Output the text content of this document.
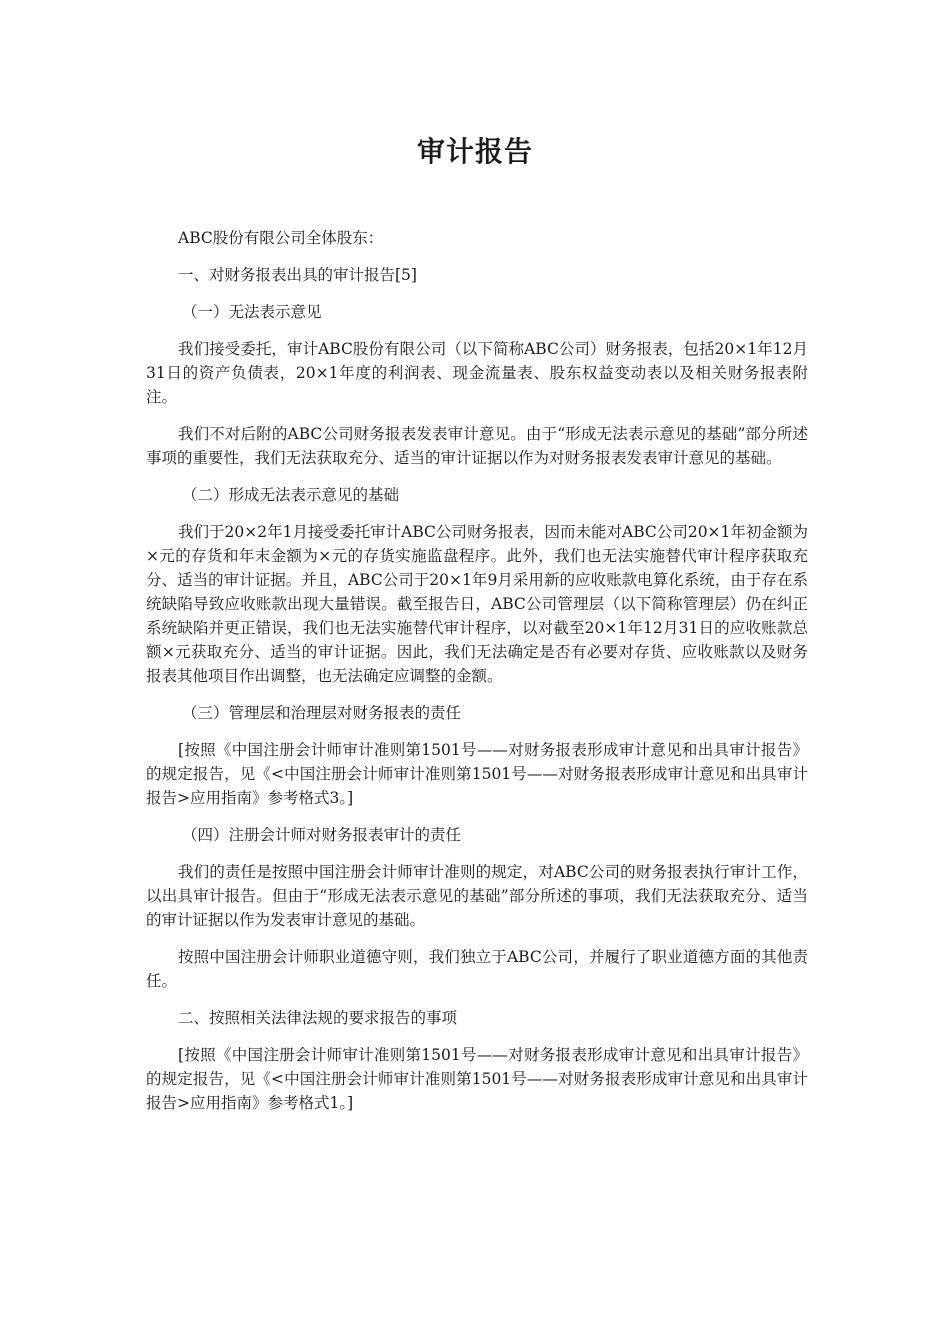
审计报告

ABC股份有限公司全体股东：

一、对财务报表出具的审计报告[5]

（一）无法表示意见

我们接受委托，审计ABC股份有限公司（以下简称ABC公司）财务报表，包括20×1年12月31日的资产负债表，20×1年度的利润表、现金流量表、股东权益变动表以及相关财务报表附注。

我们不对后附的ABC公司财务报表发表审计意见。由于“形成无法表示意见的基础”部分所述事项的重要性，我们无法获取充分、适当的审计证据以作为对财务报表发表审计意见的基础。

（二）形成无法表示意见的基础

我们于20×2年1月接受委托审计ABC公司财务报表，因而未能对ABC公司20×1年初金额为×元的存货和年末金额为×元的存货实施监盘程序。此外，我们也无法实施替代审计程序获取充分、适当的审计证据。并且，ABC公司于20×1年9月采用新的应收账款电算化系统，由于存在系统缺陷导致应收账款出现大量错误。截至报告日，ABC公司管理层（以下简称管理层）仍在纠正系统缺陷并更正错误，我们也无法实施替代审计程序，以对截至20×1年12月31日的应收账款总额×元获取充分、适当的审计证据。因此，我们无法确定是否有必要对存货、应收账款以及财务报表其他项目作出调整，也无法确定应调整的金额。

（三）管理层和治理层对财务报表的责任

[按照《中国注册会计师审计准则第1501号——对财务报表形成审计意见和出具审计报告》的规定报告，见《<中国注册会计师审计准则第1501号——对财务报表形成审计意见和出具审计报告>应用指南》参考格式3。]

（四）注册会计师对财务报表审计的责任

我们的责任是按照中国注册会计师审计准则的规定，对ABC公司的财务报表执行审计工作，以出具审计报告。但由于“形成无法表示意见的基础”部分所述的事项，我们无法获取充分、适当的审计证据以作为发表审计意见的基础。

按照中国注册会计师职业道德守则，我们独立于ABC公司，并履行了职业道德方面的其他责任。

二、按照相关法律法规的要求报告的事项

[按照《中国注册会计师审计准则第1501号——对财务报表形成审计意见和出具审计报告》的规定报告，见《<中国注册会计师审计准则第1501号——对财务报表形成审计意见和出具审计报告>应用指南》参考格式1。]
